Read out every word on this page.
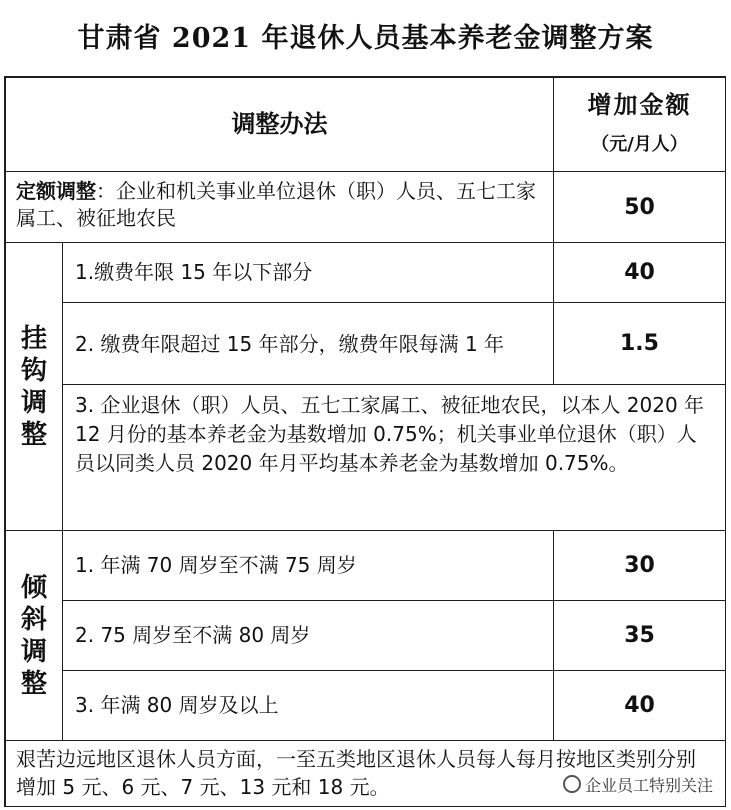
甘肃省 2021 年退休人员基本养老金调整方案
调整办法
增加金额
（元/月人）
定额调整：企业和机关事业单位退休（职）人员、五七工家属工、被征地农民	50
挂
钩
调
整
1.缴费年限 15 年以下部分	40
2. 缴费年限超过 15 年部分，缴费年限每满 1 年	1.5
3. 企业退休（职）人员、五七工家属工、被征地农民，以本人 2020 年 12 月份的基本养老金为基数增加 0.75%；机关事业单位退休（职）人员以同类人员 2020 年月平均基本养老金为基数增加 0.75%。
倾
斜
调
整
1. 年满 70 周岁至不满 75 周岁	30
2. 75 周岁至不满 80 周岁	35
3. 年满 80 周岁及以上	40
艰苦边远地区退休人员方面，一至五类地区退休人员每人每月按地区类别分别增加 5 元、6 元、7 元、13 元和 18 元。	企业员工特别关注
